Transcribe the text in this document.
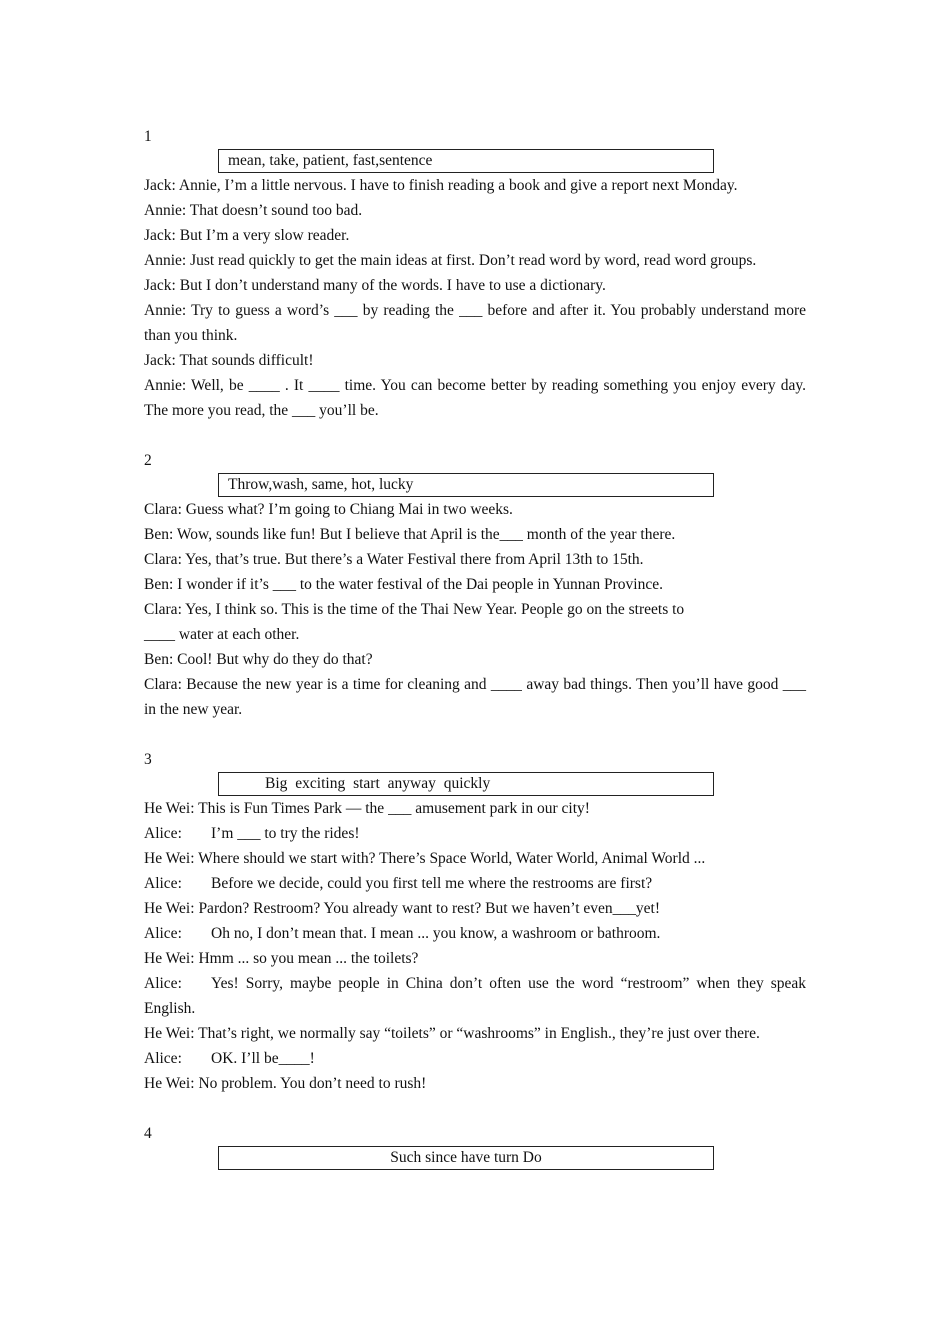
1
mean, take, patient, fast,sentence
Jack: Annie, I’m a little nervous. I have to finish reading a book and give a report next Monday.
Annie: That doesn’t sound too bad.
Jack: But I’m a very slow reader.
Annie: Just read quickly to get the main ideas at first. Don’t read word by word, read word groups.
Jack: But I don’t understand many of the words. I have to use a dictionary.
Annie: Try to guess a word’s ___ by reading the ___ before and after it. You probably understand more than you think.
Jack: That sounds difficult!
Annie: Well, be ____ . It ____ time. You can become better by reading something you enjoy every day. The more you read, the ___ you’ll be.
2
Throw,wash, same, hot, lucky
Clara: Guess what? I’m going to Chiang Mai in two weeks.
Ben: Wow, sounds like fun! But I believe that April is the___ month of the year there.
Clara: Yes, that’s true. But there’s a Water Festival there from April 13th to 15th.
Ben: I wonder if it’s ___ to the water festival of the Dai people in Yunnan Province.
Clara: Yes, I think so. This is the time of the Thai New Year. People go on the streets to
____ water at each other.
Ben: Cool! But why do they do that?
Clara: Because the new year is a time for cleaning and ____ away bad things. Then you’ll have good ___ in the new year.
3
Big exciting start anyway quickly
He Wei: This is Fun Times Park — the ___ amusement park in our city!
Alice: I’m ___ to try the rides!
He Wei: Where should we start with? There’s Space World, Water World, Animal World ...
Alice: Before we decide, could you first tell me where the restrooms are first?
He Wei: Pardon? Restroom? You already want to rest? But we haven’t even___yet!
Alice: Oh no, I don’t mean that. I mean ... you know, a washroom or bathroom.
He Wei: Hmm ... so you mean ... the toilets?
Alice: Yes! Sorry, maybe people in China don’t often use the word “restroom” when they speak English.
He Wei: That’s right, we normally say “toilets” or “washrooms” in English., they’re just over there.
Alice: OK. I’ll be____!
He Wei: No problem. You don’t need to rush!
4
Such since have turn Do
